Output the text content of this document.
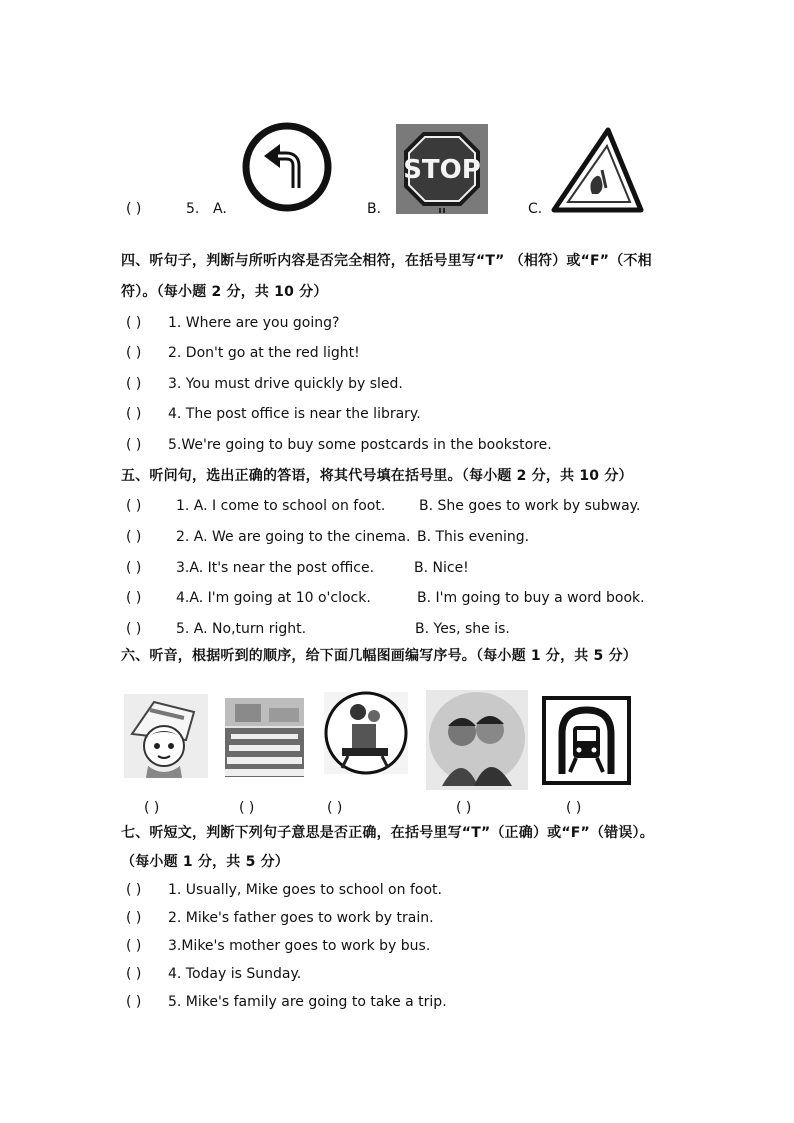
( )	5. A.	B.
STOP
C.
四、听句子，判断与所听内容是否完全相符，在括号里写“T” （相符）或“F”（不相
符）。（每小题 2 分，共 10 分）
( ) 1. Where are you going?
( ) 2. Don't go at the red light!
( ) 3. You must drive quickly by sled.
( ) 4. The post office is near the library.
( ) 5.We're going to buy some postcards in the bookstore.
五、听问句，选出正确的答语，将其代号填在括号里。（每小题 2 分，共 10 分）
( ) 1. A. I come to school on foot. B. She goes to work by subway.
( ) 2. A. We are going to the cinema. B. This evening.
( ) 3.A. It's near the post office.	B. Nice!
( ) 4.A. I'm going at 10 o'clock.	B. I'm going to buy a word book.
( ) 5. A. No,turn right.	B. Yes, she is.
六、听音，根据听到的顺序，给下面几幅图画编写序号。（每小题 1 分，共 5 分）
( )	( )	( )	( )	( )
七、听短文，判断下列句子意思是否正确，在括号里写“T”（正确）或“F”（错误）。
（每小题 1 分，共 5 分）
( ) 1. Usually, Mike goes to school on foot.
( ) 2. Mike's father goes to work by train.
( ) 3.Mike's mother goes to work by bus.
( ) 4. Today is Sunday.
( ) 5. Mike's family are going to take a trip.
